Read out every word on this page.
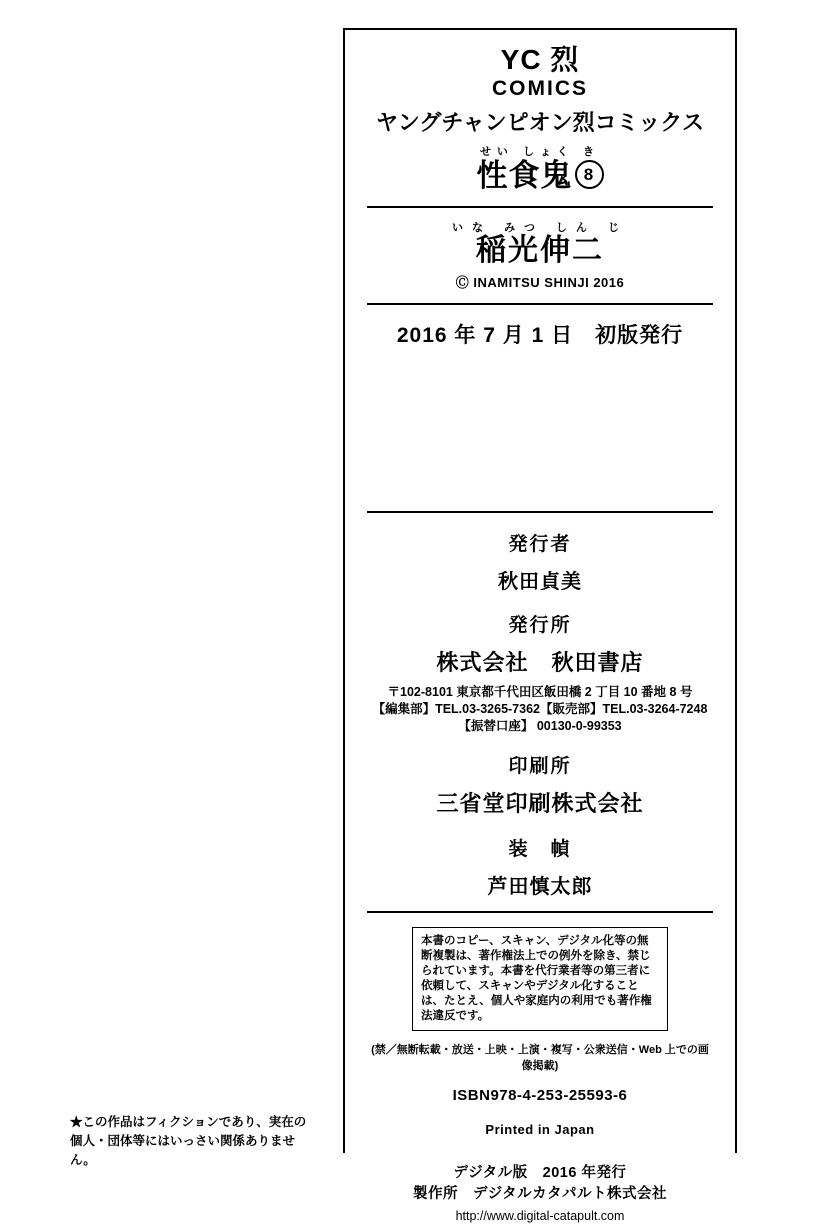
YC 烈
COMICS
ヤングチャンピオン烈コミックス
せい しょく き
性食鬼 8
いな みつ しん じ
稲光伸二
Ⓒ INAMITSU SHINJI 2016
2016 年 7 月 1 日　初版発行
発行者
秋田貞美
発行所
株式会社　秋田書店
〒102-8101 東京都千代田区飯田橋 2 丁目 10 番地 8 号
【編集部】TEL.03-3265-7362【販売部】TEL.03-3264-7248
【振替口座】 00130-0-99353
印刷所
三省堂印刷株式会社
装　幀
芦田慎太郎
本書のコピー、スキャン、デジタル化等の無断複製は、著作権法上での例外を除き、禁じられています。本書を代行業者等の第三者に依頼して、スキャンやデジタル化することは、たとえ、個人や家庭内の利用でも著作権法違反です。
(禁／無断転載・放送・上映・上演・複写・公衆送信・Web 上での画像掲載)
ISBN978-4-253-25593-6
Printed in Japan
デジタル版　2016 年発行
製作所　デジタルカタパルト株式会社
http://www.digital-catapult.com
★この作品はフィクションであり、実在の
個人・団体等にはいっさい関係ありません。
